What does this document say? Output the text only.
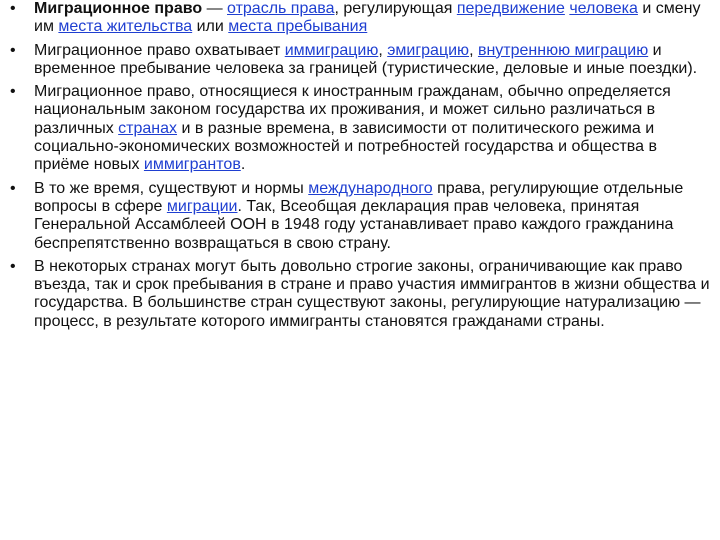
• Миграционное право — отрасль права, регулирующая передвижение человека и смену им места жительства или места пребывания
• Миграционное право охватывает иммиграцию, эмиграцию, внутреннюю миграцию и временное пребывание человека за границей (туристические, деловые и иные поездки).
• Миграционное право, относящиеся к иностранным гражданам, обычно определяется национальным законом государства их проживания, и может сильно различаться в различных странах и в разные времена, в зависимости от политического режима и социально-экономических возможностей и потребностей государства и общества в приёме новых иммигрантов.
• В то же время, существуют и нормы международного права, регулирующие отдельные вопросы в сфере миграции. Так, Всеобщая декларация прав человека, принятая Генеральной Ассамблеей ООН в 1948 году устанавливает право каждого гражданина беспрепятственно возвращаться в свою страну.
• В некоторых странах могут быть довольно строгие законы, ограничивающие как право въезда, так и срок пребывания в стране и право участия иммигрантов в жизни общества и государства. В большинстве стран существуют законы, регулирующие натурализацию — процесс, в результате которого иммигранты становятся гражданами страны.
